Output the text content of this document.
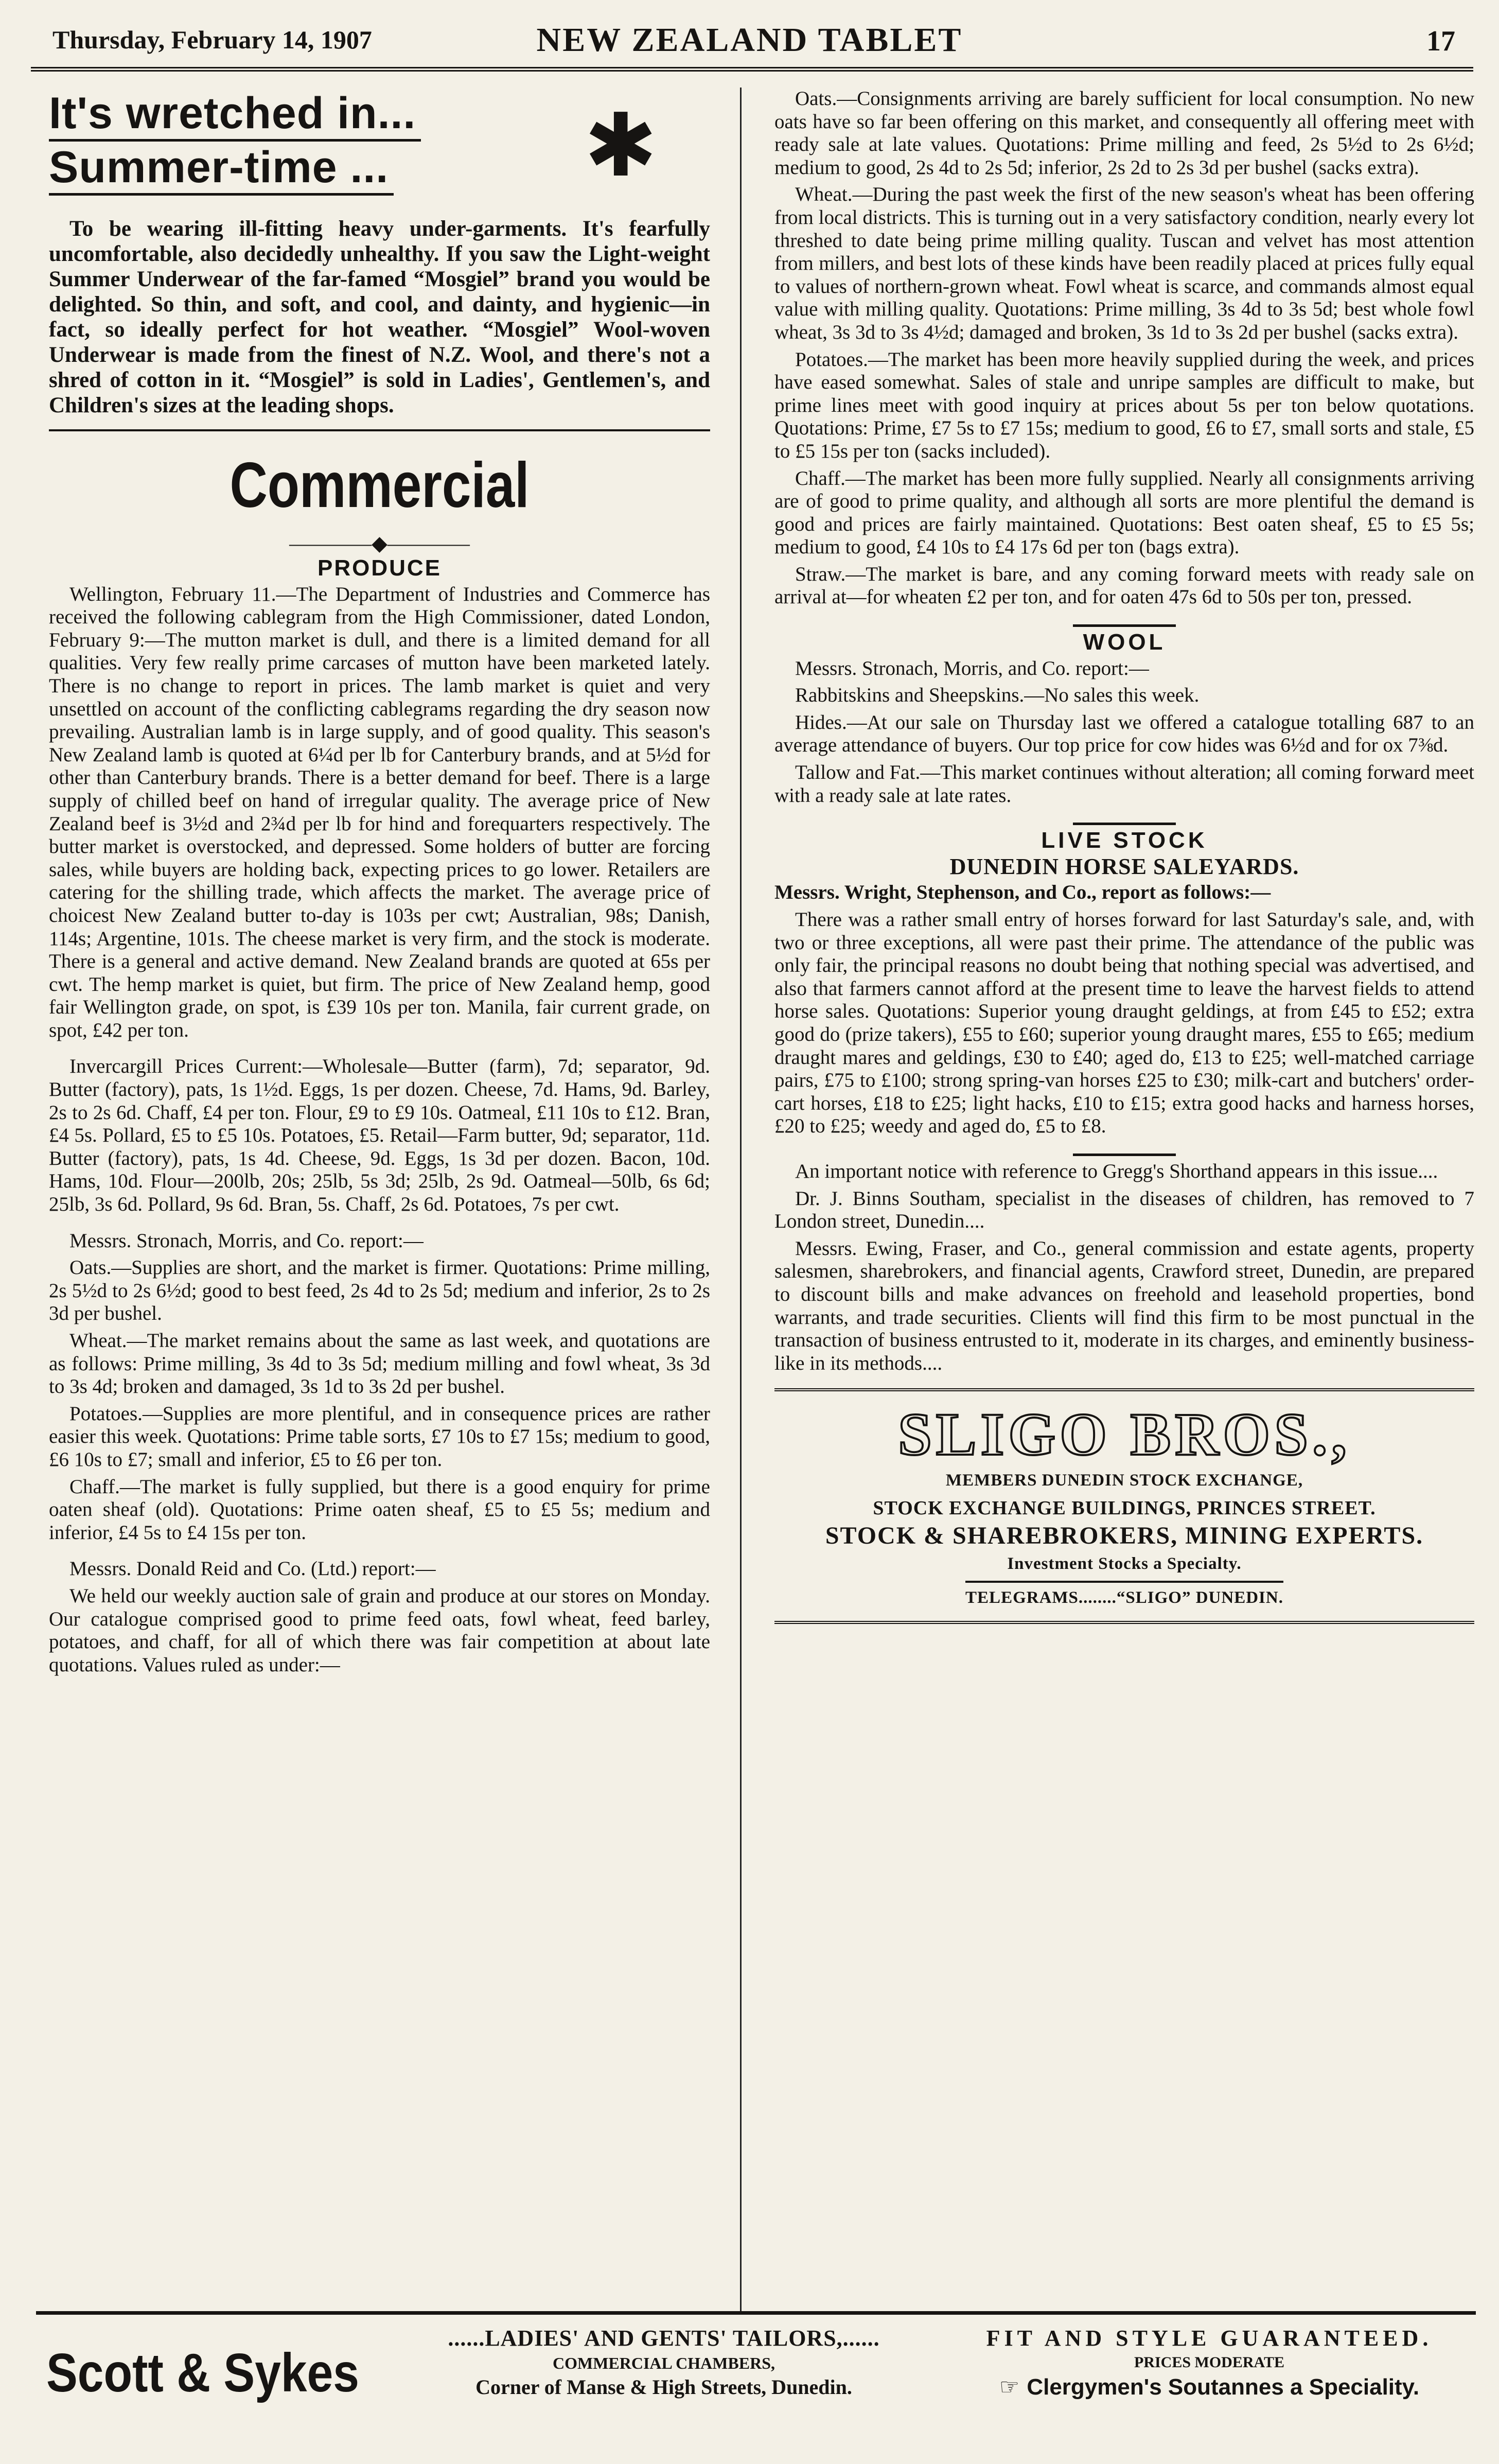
Thursday, February 14, 1907	NEW ZEALAND TABLET	17
It's wretched in...
Summer-time ...	✱

To be wearing ill-fitting heavy under-garments. It's fearfully uncomfortable, also decidedly unhealthy. If you saw the Light-weight Summer Underwear of the far-famed “Mosgiel” brand you would be delighted. So thin, and soft, and cool, and dainty, and hygienic—in fact, so ideally perfect for hot weather. “Mosgiel” Wool-woven Underwear is made from the finest of N.Z. Wool, and there's not a shred of cotton in it. “Mosgiel” is sold in Ladies', Gentlemen's, and Children's sizes at the leading shops.

Commercial
————◆————
PRODUCE

Wellington, February 11.—The Department of Industries and Commerce has received the following cablegram from the High Commissioner, dated London, February 9:—The mutton market is dull, and there is a limited demand for all qualities. Very few really prime carcases of mutton have been marketed lately. There is no change to report in prices. The lamb market is quiet and very unsettled on account of the conflicting cablegrams regarding the dry season now prevailing. Australian lamb is in large supply, and of good quality. This season's New Zealand lamb is quoted at 6¼d per lb for Canterbury brands, and at 5½d for other than Canterbury brands. There is a better demand for beef. There is a large supply of chilled beef on hand of irregular quality. The average price of New Zealand beef is 3½d and 2¾d per lb for hind and forequarters respectively. The butter market is overstocked, and depressed. Some holders of butter are forcing sales, while buyers are holding back, expecting prices to go lower. Retailers are catering for the shilling trade, which affects the market. The average price of choicest New Zealand butter to-day is 103s per cwt; Australian, 98s; Danish, 114s; Argentine, 101s. The cheese market is very firm, and the stock is moderate. There is a general and active demand. New Zealand brands are quoted at 65s per cwt. The hemp market is quiet, but firm. The price of New Zealand hemp, good fair Wellington grade, on spot, is £39 10s per ton. Manila, fair current grade, on spot, £42 per ton.

Invercargill Prices Current:—Wholesale—Butter (farm), 7d; separator, 9d. Butter (factory), pats, 1s 1½d. Eggs, 1s per dozen. Cheese, 7d. Hams, 9d. Barley, 2s to 2s 6d. Chaff, £4 per ton. Flour, £9 to £9 10s. Oatmeal, £11 10s to £12. Bran, £4 5s. Pollard, £5 to £5 10s. Potatoes, £5. Retail—Farm butter, 9d; separator, 11d. Butter (factory), pats, 1s 4d. Cheese, 9d. Eggs, 1s 3d per dozen. Bacon, 10d. Hams, 10d. Flour—200lb, 20s; 25lb, 5s 3d; 25lb, 2s 9d. Oatmeal—50lb, 6s 6d; 25lb, 3s 6d. Pollard, 9s 6d. Bran, 5s. Chaff, 2s 6d. Potatoes, 7s per cwt.

Messrs. Stronach, Morris, and Co. report:—

Oats.—Supplies are short, and the market is firmer. Quotations: Prime milling, 2s 5½d to 2s 6½d; good to best feed, 2s 4d to 2s 5d; medium and inferior, 2s to 2s 3d per bushel.

Wheat.—The market remains about the same as last week, and quotations are as follows: Prime milling, 3s 4d to 3s 5d; medium milling and fowl wheat, 3s 3d to 3s 4d; broken and damaged, 3s 1d to 3s 2d per bushel.

Potatoes.—Supplies are more plentiful, and in consequence prices are rather easier this week. Quotations: Prime table sorts, £7 10s to £7 15s; medium to good, £6 10s to £7; small and inferior, £5 to £6 per ton.

Chaff.—The market is fully supplied, but there is a good enquiry for prime oaten sheaf (old). Quotations: Prime oaten sheaf, £5 to £5 5s; medium and inferior, £4 5s to £4 15s per ton.

Messrs. Donald Reid and Co. (Ltd.) report:—

We held our weekly auction sale of grain and produce at our stores on Monday. Our catalogue comprised good to prime feed oats, fowl wheat, feed barley, potatoes, and chaff, for all of which there was fair competition at about late quotations. Values ruled as under:—

Oats.—Consignments arriving are barely sufficient for local consumption. No new oats have so far been offering on this market, and consequently all offering meet with ready sale at late values. Quotations: Prime milling and feed, 2s 5½d to 2s 6½d; medium to good, 2s 4d to 2s 5d; inferior, 2s 2d to 2s 3d per bushel (sacks extra).

Wheat.—During the past week the first of the new season's wheat has been offering from local districts. This is turning out in a very satisfactory condition, nearly every lot threshed to date being prime milling quality. Tuscan and velvet has most attention from millers, and best lots of these kinds have been readily placed at prices fully equal to values of northern-grown wheat. Fowl wheat is scarce, and commands almost equal value with milling quality. Quotations: Prime milling, 3s 4d to 3s 5d; best whole fowl wheat, 3s 3d to 3s 4½d; damaged and broken, 3s 1d to 3s 2d per bushel (sacks extra).

Potatoes.—The market has been more heavily supplied during the week, and prices have eased somewhat. Sales of stale and unripe samples are difficult to make, but prime lines meet with good inquiry at prices about 5s per ton below quotations. Quotations: Prime, £7 5s to £7 15s; medium to good, £6 to £7, small sorts and stale, £5 to £5 15s per ton (sacks included).

Chaff.—The market has been more fully supplied. Nearly all consignments arriving are of good to prime quality, and although all sorts are more plentiful the demand is good and prices are fairly maintained. Quotations: Best oaten sheaf, £5 to £5 5s; medium to good, £4 10s to £4 17s 6d per ton (bags extra).

Straw.—The market is bare, and any coming forward meets with ready sale on arrival at—for wheaten £2 per ton, and for oaten 47s 6d to 50s per ton, pressed.

WOOL

Messrs. Stronach, Morris, and Co. report:—

Rabbitskins and Sheepskins.—No sales this week.

Hides.—At our sale on Thursday last we offered a catalogue totalling 687 to an average attendance of buyers. Our top price for cow hides was 6½d and for ox 7⅜d.

Tallow and Fat.—This market continues without alteration; all coming forward meet with a ready sale at late rates.

LIVE STOCK
DUNEDIN HORSE SALEYARDS.

Messrs. Wright, Stephenson, and Co., report as follows:—

There was a rather small entry of horses forward for last Saturday's sale, and, with two or three exceptions, all were past their prime. The attendance of the public was only fair, the principal reasons no doubt being that nothing special was advertised, and also that farmers cannot afford at the present time to leave the harvest fields to attend horse sales. Quotations: Superior young draught geldings, at from £45 to £52; extra good do (prize takers), £55 to £60; superior young draught mares, £55 to £65; medium draught mares and geldings, £30 to £40; aged do, £13 to £25; well-matched carriage pairs, £75 to £100; strong spring-van horses £25 to £30; milk-cart and butchers' order-cart horses, £18 to £25; light hacks, £10 to £15; extra good hacks and harness horses, £20 to £25; weedy and aged do, £5 to £8.

An important notice with reference to Gregg's Shorthand appears in this issue....

Dr. J. Binns Southam, specialist in the diseases of children, has removed to 7 London street, Dunedin....

Messrs. Ewing, Fraser, and Co., general commission and estate agents, property salesmen, sharebrokers, and financial agents, Crawford street, Dunedin, are prepared to discount bills and make advances on freehold and leasehold properties, bond warrants, and trade securities. Clients will find this firm to be most punctual in the transaction of business entrusted to it, moderate in its charges, and eminently business-like in its methods....

SLIGO BROS.,
MEMBERS DUNEDIN STOCK EXCHANGE,
STOCK EXCHANGE BUILDINGS, PRINCES STREET.
STOCK & SHAREBROKERS, MINING EXPERTS.
Investment Stocks a Specialty.
TELEGRAMS........“SLIGO” DUNEDIN.
Scott & Sykes
......LADIES' AND GENTS' TAILORS,......
COMMERCIAL CHAMBERS,
Corner of Manse & High Streets, Dunedin.
FIT AND STYLE GUARANTEED.
PRICES MODERATE
☞ Clergymen's Soutannes a Speciality.
